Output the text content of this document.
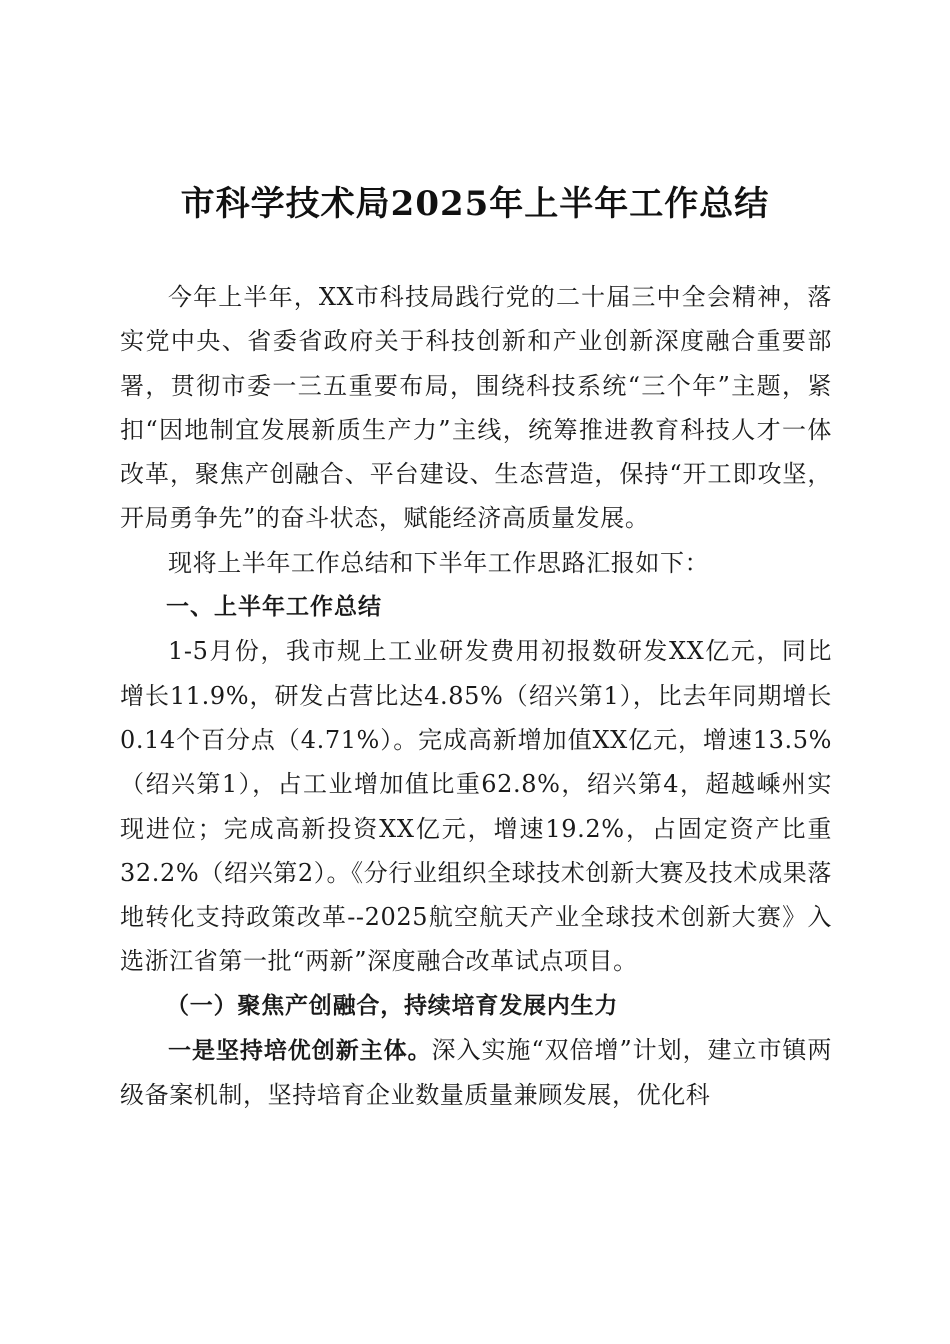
市科学技术局2025年上半年工作总结

今年上半年，XX市科技局践行党的二十届三中全会精神，落实党中央、省委省政府关于科技创新和产业创新深度融合重要部署，贯彻市委一三五重要布局，围绕科技系统“三个年”主题，紧扣“因地制宜发展新质生产力”主线，统筹推进教育科技人才一体改革，聚焦产创融合、平台建设、生态营造，保持“开工即攻坚，开局勇争先”的奋斗状态，赋能经济高质量发展。

现将上半年工作总结和下半年工作思路汇报如下：

一、上半年工作总结

1-5月份，我市规上工业研发费用初报数研发XX亿元，同比增长11.9%，研发占营比达4.85%（绍兴第1），比去年同期增长0.14个百分点（4.71%）。完成高新增加值XX亿元，增速13.5%（绍兴第1），占工业增加值比重62.8%，绍兴第4，超越嵊州实现进位；完成高新投资XX亿元，增速19.2%，占固定资产比重32.2%（绍兴第2）。《分行业组织全球技术创新大赛及技术成果落地转化支持政策改革--2025航空航天产业全球技术创新大赛》入选浙江省第一批“两新”深度融合改革试点项目。

（一）聚焦产创融合，持续培育发展内生力

一是坚持培优创新主体。深入实施“双倍增”计划，建立市镇两级备案机制，坚持培育企业数量质量兼顾发展，优化科
